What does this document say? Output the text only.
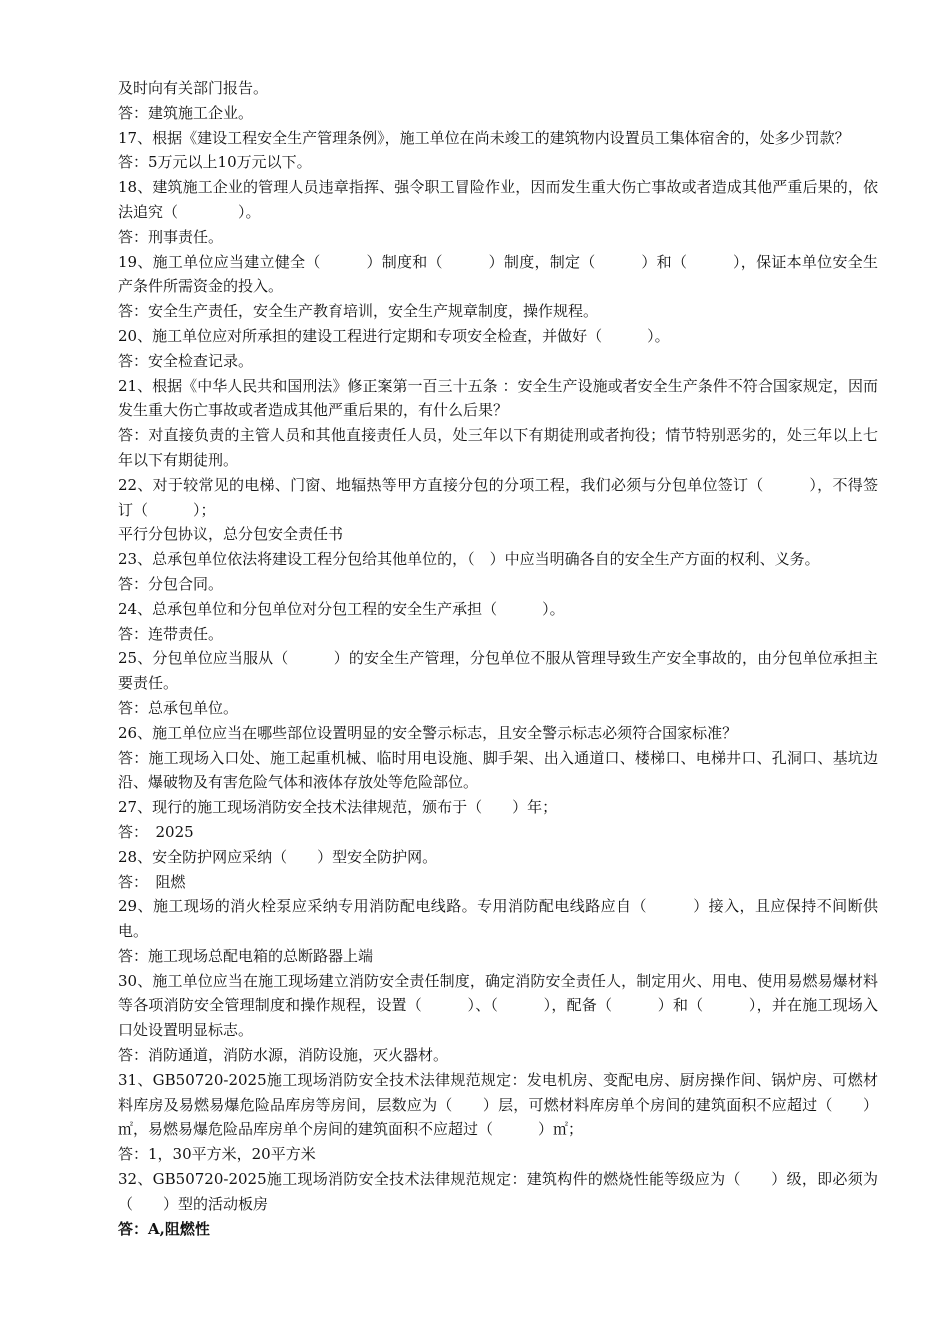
及时向有关部门报告。

答：建筑施工企业。

17、根据《建设工程安全生产管理条例》，施工单位在尚未竣工的建筑物内设置员工集体宿舍的，处多少罚款？

答：5万元以上10万元以下。

18、建筑施工企业的管理人员违章指挥、强令职工冒险作业，因而发生重大伤亡事故或者造成其他严重后果的，依法追究（　　　　）。

答：刑事责任。

19、施工单位应当建立健全（　　　）制度和（　　　）制度，制定（　　　）和（　　　），保证本单位安全生产条件所需资金的投入。

答：安全生产责任，安全生产教育培训，安全生产规章制度，操作规程。

20、施工单位应对所承担的建设工程进行定期和专项安全检查，并做好（　　　）。

答：安全检查记录。

21、根据《中华人民共和国刑法》修正案第一百三十五条 ：安全生产设施或者安全生产条件不符合国家规定，因而发生重大伤亡事故或者造成其他严重后果的，有什么后果？

答：对直接负责的主管人员和其他直接责任人员，处三年以下有期徒刑或者拘役；情节特别恶劣的，处三年以上七年以下有期徒刑。

22、对于较常见的电梯、门窗、地辐热等甲方直接分包的分项工程，我们必须与分包单位签订（　　　），不得签订（　　　）；

平行分包协议，总分包安全责任书

23、总承包单位依法将建设工程分包给其他单位的，（　）中应当明确各自的安全生产方面的权利、义务。

答：分包合同。

24、总承包单位和分包单位对分包工程的安全生产承担（　　　）。

答：连带责任。

25、分包单位应当服从（　　　）的安全生产管理，分包单位不服从管理导致生产安全事故的，由分包单位承担主要责任。

答：总承包单位。

26、施工单位应当在哪些部位设置明显的安全警示标志，且安全警示标志必须符合国家标准？

答：施工现场入口处、施工起重机械、临时用电设施、脚手架、出入通道口、楼梯口、电梯井口、孔洞口、基坑边沿、爆破物及有害危险气体和液体存放处等危险部位。

27、现行的施工现场消防安全技术法律规范，颁布于（　　）年；

答：　2025

28、安全防护网应采纳（　　）型安全防护网。

答：　阻燃

29、施工现场的消火栓泵应采纳专用消防配电线路。专用消防配电线路应自（　　　）接入，且应保持不间断供电。

答：施工现场总配电箱的总断路器上端

30、施工单位应当在施工现场建立消防安全责任制度，确定消防安全责任人，制定用火、用电、使用易燃易爆材料等各项消防安全管理制度和操作规程，设置（　　　）、（　　　），配备（　　　）和（　　　），并在施工现场入口处设置明显标志。

答：消防通道，消防水源，消防设施，灭火器材。

31、GB50720-2025施工现场消防安全技术法律规范规定：发电机房、变配电房、厨房操作间、锅炉房、可燃材料库房及易燃易爆危险品库房等房间，层数应为（　　）层，可燃材料库房单个房间的建筑面积不应超过（　　）㎡，易燃易爆危险品库房单个房间的建筑面积不应超过（　　　）㎡；

答：1，30平方米，20平方米

32、GB50720-2025施工现场消防安全技术法律规范规定：建筑构件的燃烧性能等级应为（　　）级，即必须为（　　）型的活动板房

答：A,阻燃性
